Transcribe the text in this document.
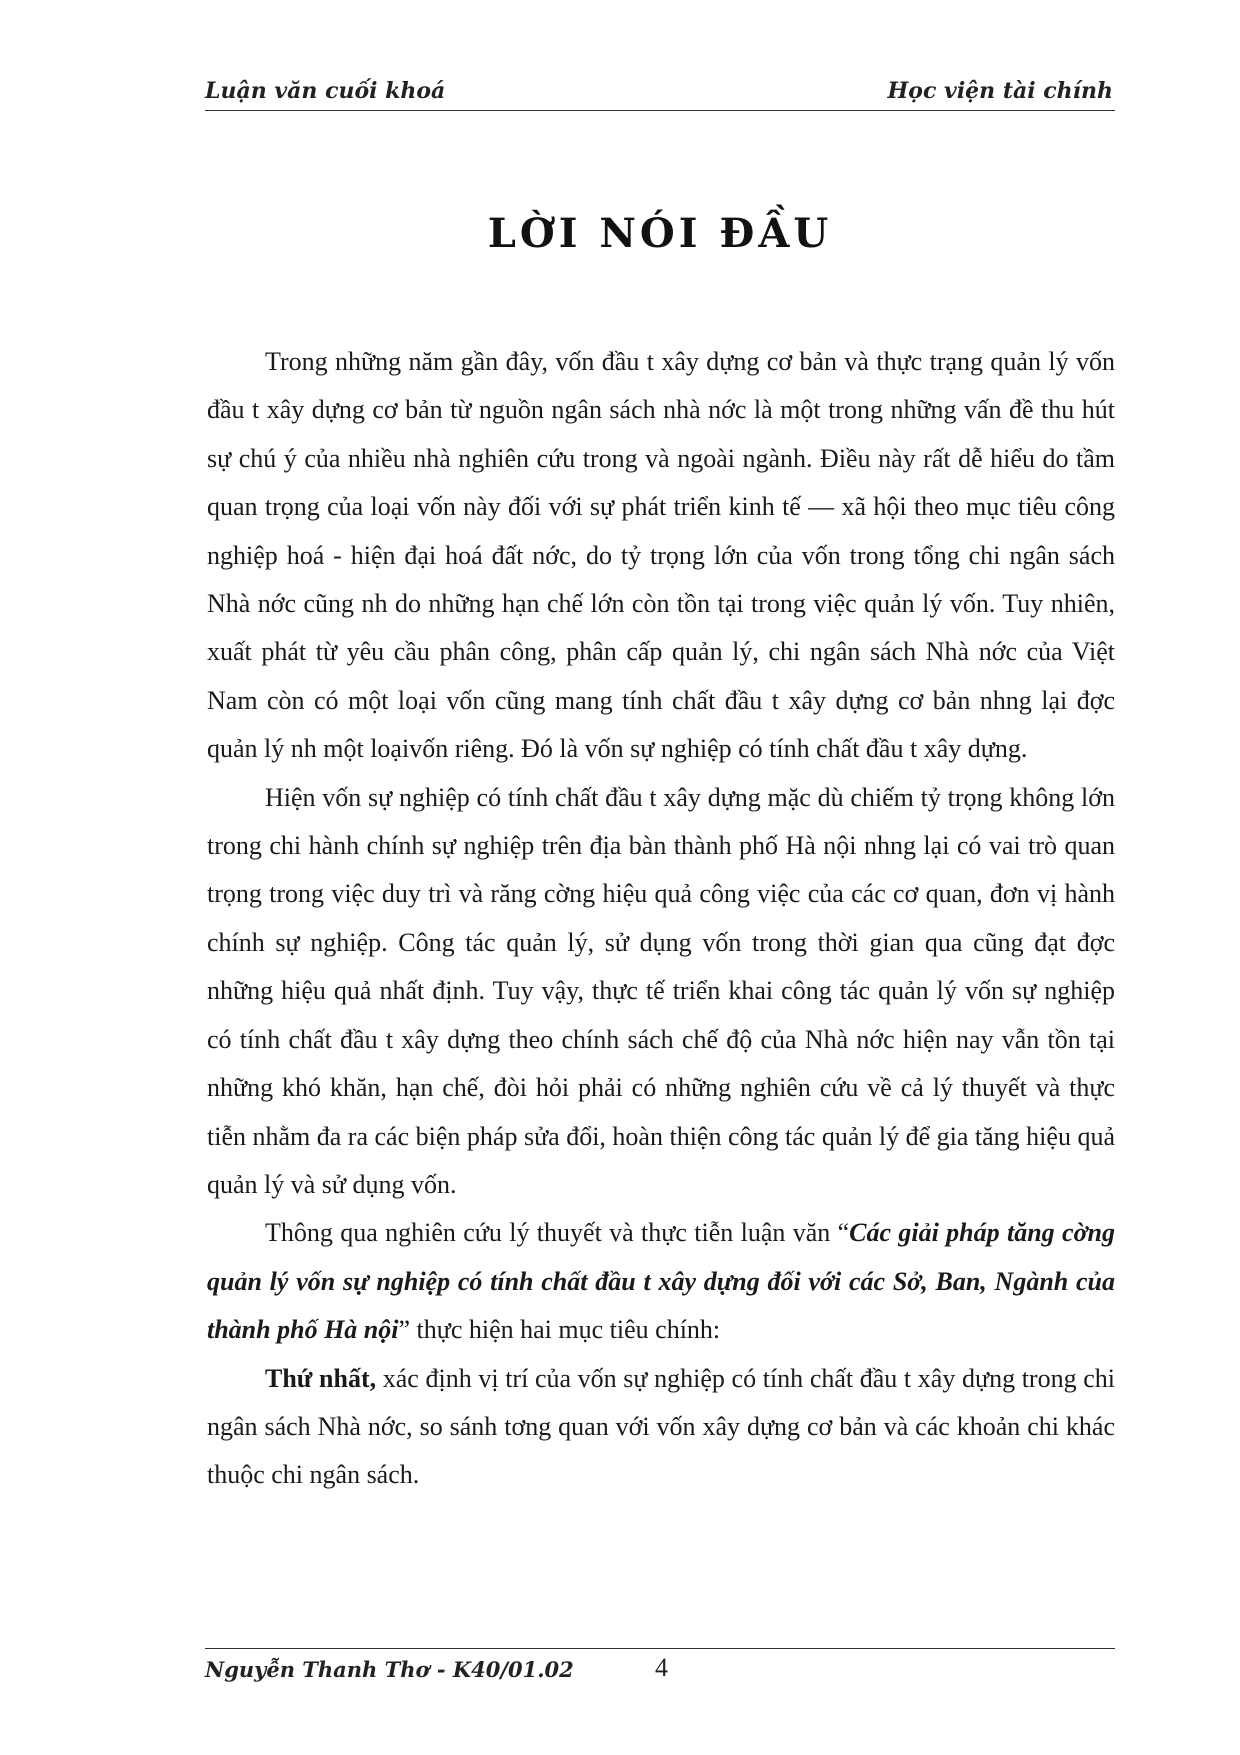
Luận văn cuối khoá	Học viện tài chính
LỜI NÓI ĐẦU

Trong những năm gần đây, vốn đầu t xây dựng cơ bản và thực trạng quản lý vốn đầu t xây dựng cơ bản từ nguồn ngân sách nhà nớc là một trong những vấn đề thu hút sự chú ý của nhiều nhà nghiên cứu trong và ngoài ngành. Điều này rất dễ hiểu do tầm quan trọng của loại vốn này đối với sự phát triển kinh tế — xã hội theo mục tiêu công nghiệp hoá - hiện đại hoá đất nớc, do tỷ trọng lớn của vốn trong tổng chi ngân sách Nhà nớc cũng nh do những hạn chế lớn còn tồn tại trong việc quản lý vốn. Tuy nhiên, xuất phát từ yêu cầu phân công, phân cấp quản lý, chi ngân sách Nhà nớc của Việt Nam còn có một loại vốn cũng mang tính chất đầu t xây dựng cơ bản nhng lại đợc quản lý nh một loạivốn riêng. Đó là vốn sự nghiệp có tính chất đầu t xây dựng.

Hiện vốn sự nghiệp có tính chất đầu t xây dựng mặc dù chiếm tỷ trọng không lớn trong chi hành chính sự nghiệp trên địa bàn thành phố Hà nội nhng lại có vai trò quan trọng trong việc duy trì và răng cờng hiệu quả công việc của các cơ quan, đơn vị hành chính sự nghiệp. Công tác quản lý, sử dụng vốn trong thời gian qua cũng đạt đợc những hiệu quả nhất định. Tuy vậy, thực tế triển khai công tác quản lý vốn sự nghiệp có tính chất đầu t xây dựng theo chính sách chế độ của Nhà nớc hiện nay vẫn tồn tại những khó khăn, hạn chế, đòi hỏi phải có những nghiên cứu về cả lý thuyết và thực tiễn nhằm đa ra các biện pháp sửa đổi, hoàn thiện công tác quản lý để gia tăng hiệu quả quản lý và sử dụng vốn.

Thông qua nghiên cứu lý thuyết và thực tiễn luận văn “Các giải pháp tăng cờng quản lý vốn sự nghiệp có tính chất đầu t xây dựng đối với các Sở, Ban, Ngành của thành phố Hà nội” thực hiện hai mục tiêu chính:

Thứ nhất, xác định vị trí của vốn sự nghiệp có tính chất đầu t xây dựng trong chi ngân sách Nhà nớc, so sánh tơng quan với vốn xây dựng cơ bản và các khoản chi khác thuộc chi ngân sách.

Nguyễn Thanh Thơ - K40/01.02	4
